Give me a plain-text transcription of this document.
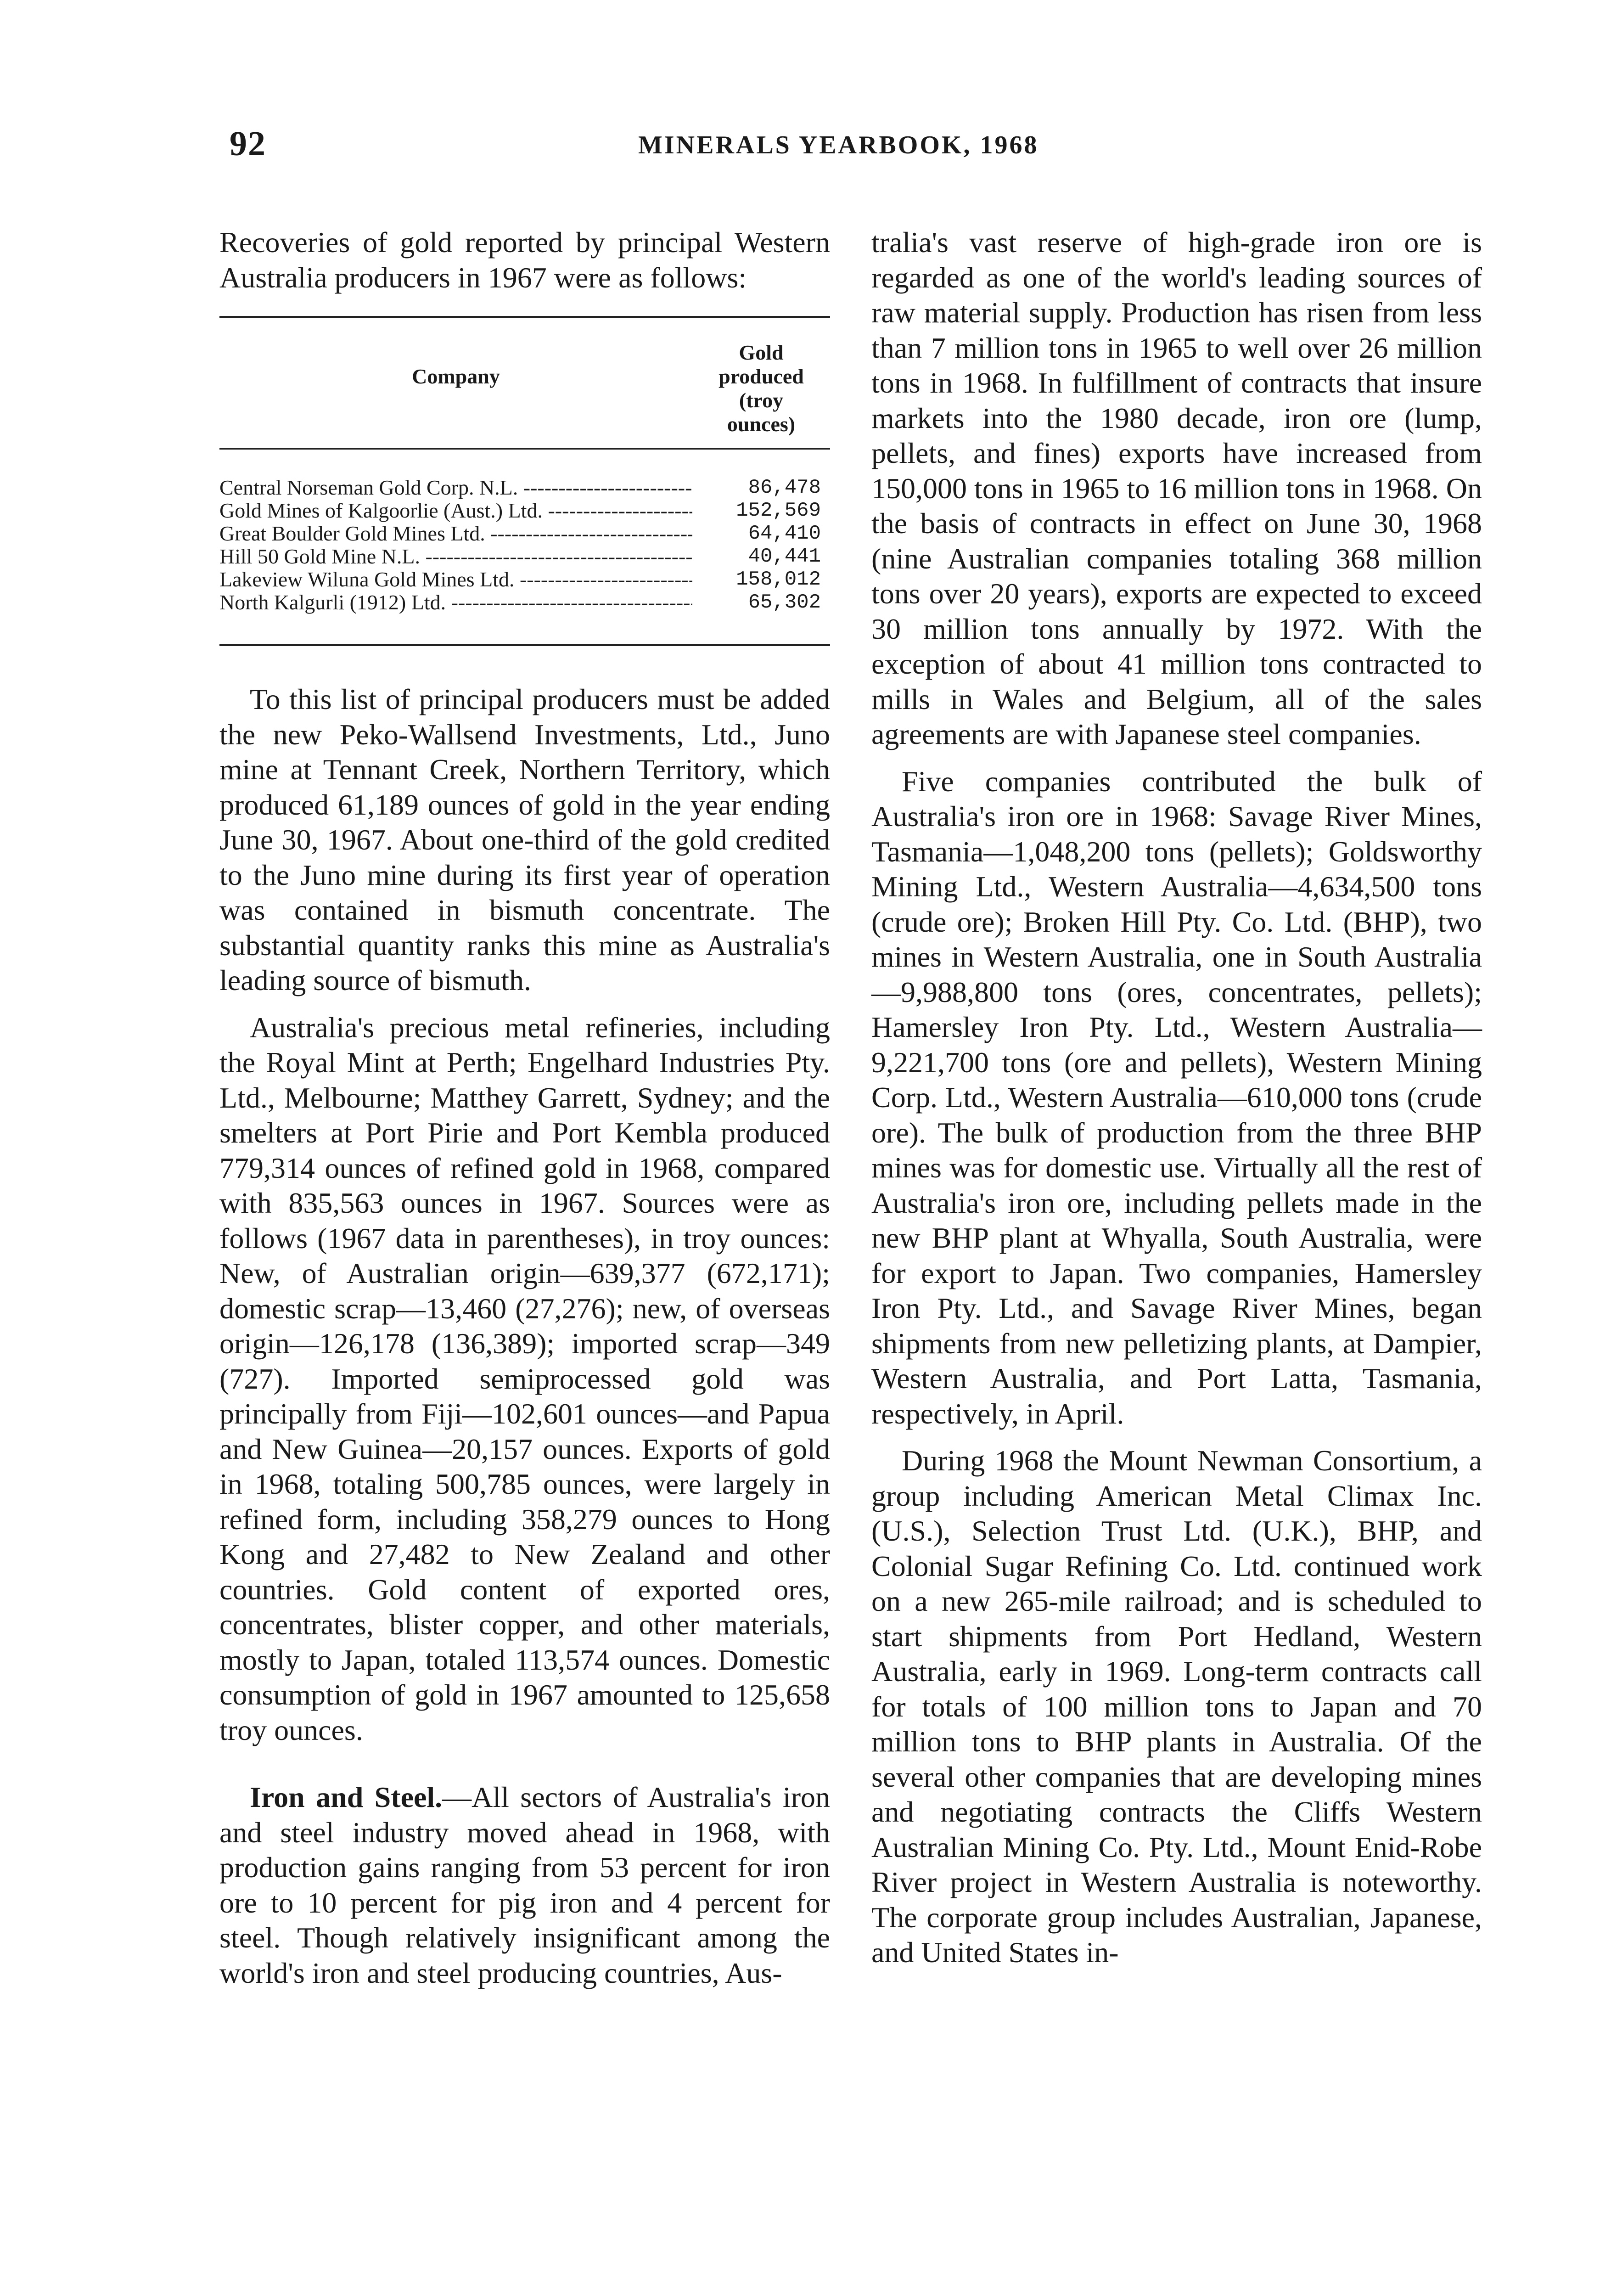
92	MINERALS YEARBOOK, 1968

Recoveries of gold reported by principal Western Australia producers in 1967 were as follows:

Company
Gold
produced
(troy
ounces)
Central Norseman Gold Corp. N.L. -----	86,478
Gold Mines of Kalgoorlie (Aust.) Ltd. -----	152,569
Great Boulder Gold Mines Ltd. -----	64,410
Hill 50 Gold Mine N.L. -----	40,441
Lakeview Wiluna Gold Mines Ltd. -----	158,012
North Kalgurli (1912) Ltd. -----	65,302

To this list of principal producers must be added the new Peko-Wallsend Investments, Ltd., Juno mine at Tennant Creek, Northern Territory, which produced 61,189 ounces of gold in the year ending June 30, 1967. About one-third of the gold credited to the Juno mine during its first year of operation was contained in bismuth concentrate. The substantial quantity ranks this mine as Australia's leading source of bismuth.

Australia's precious metal refineries, including the Royal Mint at Perth; Engelhard Industries Pty. Ltd., Melbourne; Matthey Garrett, Sydney; and the smelters at Port Pirie and Port Kembla produced 779,314 ounces of refined gold in 1968, compared with 835,563 ounces in 1967. Sources were as follows (1967 data in parentheses), in troy ounces: New, of Australian origin—639,377 (672,171); domestic scrap—13,460 (27,276); new, of overseas origin—126,178 (136,389); imported scrap—349 (727). Imported semiprocessed gold was principally from Fiji—102,601 ounces—and Papua and New Guinea—20,157 ounces. Exports of gold in 1968, totaling 500,785 ounces, were largely in refined form, including 358,279 ounces to Hong Kong and 27,482 to New Zealand and other countries. Gold content of exported ores, concentrates, blister copper, and other materials, mostly to Japan, totaled 113,574 ounces. Domestic consumption of gold in 1967 amounted to 125,658 troy ounces.

Iron and Steel.—All sectors of Australia's iron and steel industry moved ahead in 1968, with production gains ranging from 53 percent for iron ore to 10 percent for pig iron and 4 percent for steel. Though relatively insignificant among the world's iron and steel producing countries, Aus-

tralia's vast reserve of high-grade iron ore is regarded as one of the world's leading sources of raw material supply. Production has risen from less than 7 million tons in 1965 to well over 26 million tons in 1968. In fulfillment of contracts that insure markets into the 1980 decade, iron ore (lump, pellets, and fines) exports have increased from 150,000 tons in 1965 to 16 million tons in 1968. On the basis of contracts in effect on June 30, 1968 (nine Australian companies totaling 368 million tons over 20 years), exports are expected to exceed 30 million tons annually by 1972. With the exception of about 41 million tons contracted to mills in Wales and Belgium, all of the sales agreements are with Japanese steel companies.

Five companies contributed the bulk of Australia's iron ore in 1968: Savage River Mines, Tasmania—1,048,200 tons (pellets); Goldsworthy Mining Ltd., Western Australia—4,634,500 tons (crude ore); Broken Hill Pty. Co. Ltd. (BHP), two mines in Western Australia, one in South Australia—9,988,800 tons (ores, concentrates, pellets); Hamersley Iron Pty. Ltd., Western Australia—9,221,700 tons (ore and pellets), Western Mining Corp. Ltd., Western Australia—610,000 tons (crude ore). The bulk of production from the three BHP mines was for domestic use. Virtually all the rest of Australia's iron ore, including pellets made in the new BHP plant at Whyalla, South Australia, were for export to Japan. Two companies, Hamersley Iron Pty. Ltd., and Savage River Mines, began shipments from new pelletizing plants, at Dampier, Western Australia, and Port Latta, Tasmania, respectively, in April.

During 1968 the Mount Newman Consortium, a group including American Metal Climax Inc. (U.S.), Selection Trust Ltd. (U.K.), BHP, and Colonial Sugar Refining Co. Ltd. continued work on a new 265-mile railroad; and is scheduled to start shipments from Port Hedland, Western Australia, early in 1969. Long-term contracts call for totals of 100 million tons to Japan and 70 million tons to BHP plants in Australia. Of the several other companies that are developing mines and negotiating contracts the Cliffs Western Australian Mining Co. Pty. Ltd., Mount Enid-Robe River project in Western Australia is noteworthy. The corporate group includes Australian, Japanese, and United States in-
